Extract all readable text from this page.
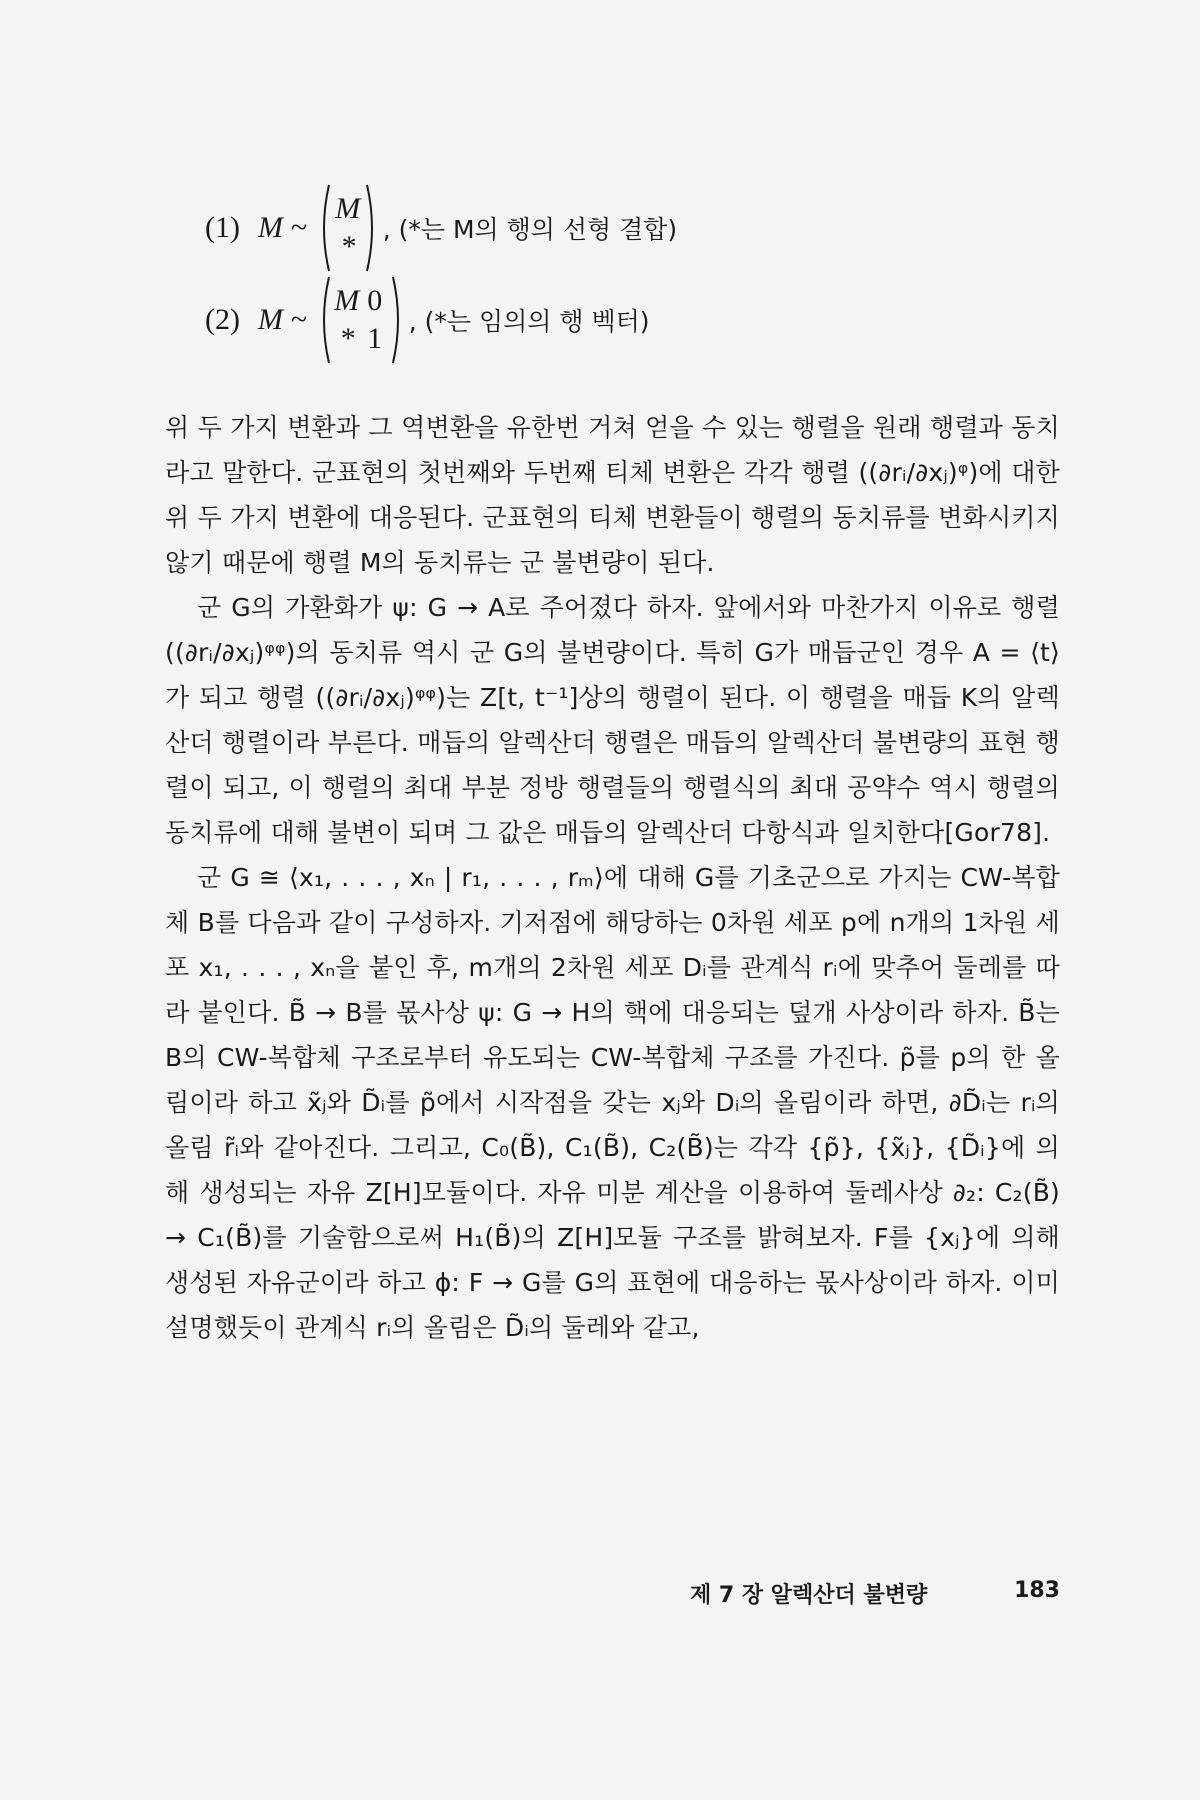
(1) M ~
M
*
, (*는 M의 행의 선형 결합)
(2) M ~
M 0
* 1
, (*는 임의의 행 벡터)

위 두 가지 변환과 그 역변환을 유한번 거쳐 얻을 수 있는 행렬을 원래 행렬과 동치라고 말한다. 군표현의 첫번째와 두번째 티체 변환은 각각 행렬 ((∂rᵢ/∂xⱼ)ᵠ)에 대한 위 두 가지 변환에 대응된다. 군표현의 티체 변환들이 행렬의 동치류를 변화시키지 않기 때문에 행렬 M의 동치류는 군 불변량이 된다.

군 G의 가환화가 ψ: G → A로 주어졌다 하자. 앞에서와 마찬가지 이유로 행렬 ((∂rᵢ/∂xⱼ)ᵠᵠ)의 동치류 역시 군 G의 불변량이다. 특히 G가 매듭군인 경우 A = ⟨t⟩가 되고 행렬 ((∂rᵢ/∂xⱼ)ᵠᵠ)는 Z[t, t⁻¹]상의 행렬이 된다. 이 행렬을 매듭 K의 알렉산더 행렬이라 부른다. 매듭의 알렉산더 행렬은 매듭의 알렉산더 불변량의 표현 행렬이 되고, 이 행렬의 최대 부분 정방 행렬들의 행렬식의 최대 공약수 역시 행렬의 동치류에 대해 불변이 되며 그 값은 매듭의 알렉산더 다항식과 일치한다[Gor78].

군 G ≅ ⟨x₁, . . . , xₙ | r₁, . . . , rₘ⟩에 대해 G를 기초군으로 가지는 CW-복합체 B를 다음과 같이 구성하자. 기저점에 해당하는 0차원 세포 p에 n개의 1차원 세포 x₁, . . . , xₙ을 붙인 후, m개의 2차원 세포 Dᵢ를 관계식 rᵢ에 맞추어 둘레를 따라 붙인다. B̃ → B를 몫사상 ψ: G → H의 핵에 대응되는 덮개 사상이라 하자. B̃는 B의 CW-복합체 구조로부터 유도되는 CW-복합체 구조를 가진다. p̃를 p의 한 올림이라 하고 x̃ⱼ와 D̃ᵢ를 p̃에서 시작점을 갖는 xⱼ와 Dᵢ의 올림이라 하면, ∂D̃ᵢ는 rᵢ의 올림 r̃ᵢ와 같아진다. 그리고, C₀(B̃), C₁(B̃), C₂(B̃)는 각각 {p̃}, {x̃ⱼ}, {D̃ᵢ}에 의해 생성되는 자유 Z[H]모듈이다. 자유 미분 계산을 이용하여 둘레사상 ∂₂: C₂(B̃) → C₁(B̃)를 기술함으로써 H₁(B̃)의 Z[H]모듈 구조를 밝혀보자. F를 {xⱼ}에 의해 생성된 자유군이라 하고 ϕ: F → G를 G의 표현에 대응하는 몫사상이라 하자. 이미 설명했듯이 관계식 rᵢ의 올림은 D̃ᵢ의 둘레와 같고,

제 7 장 알렉산더 불변량	183
